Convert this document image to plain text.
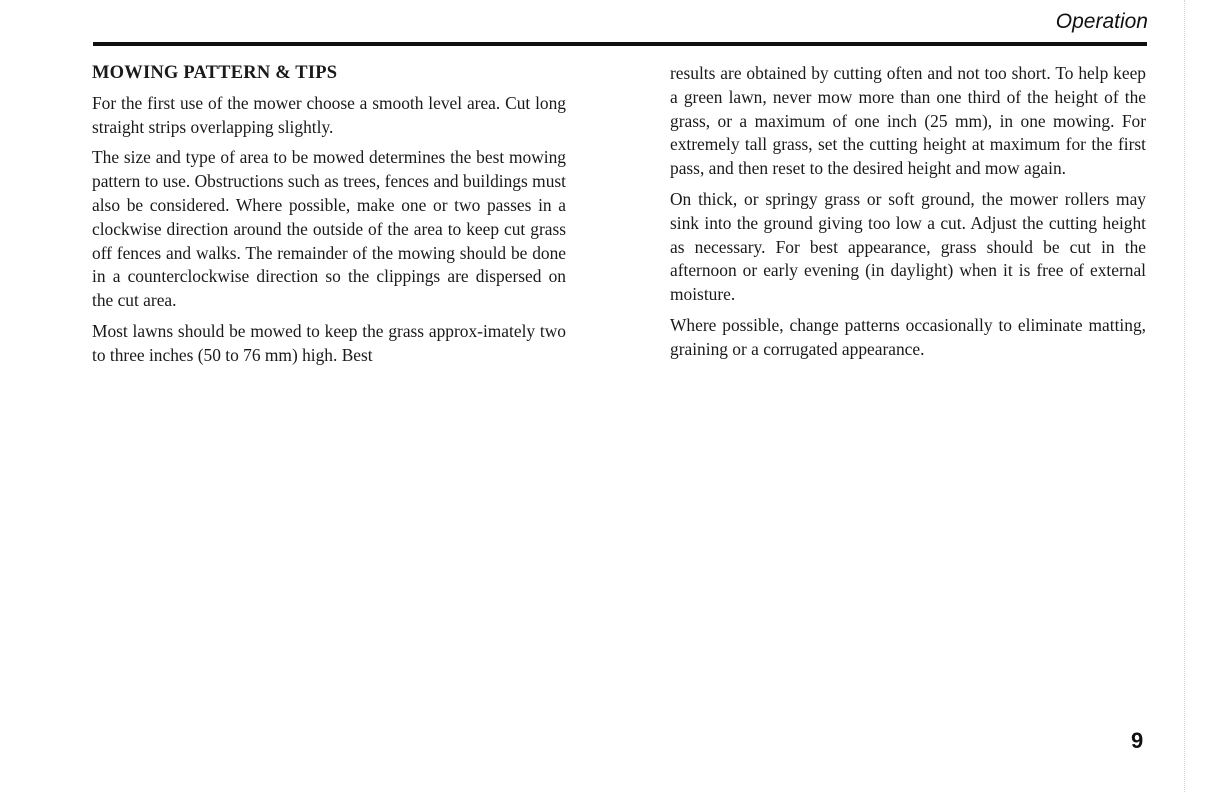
Operation
MOWING PATTERN & TIPS

For the first use of the mower choose a smooth level area. Cut long straight strips overlapping slightly.

The size and type of area to be mowed determines the best mowing pattern to use. Obstructions such as trees, fences and buildings must also be considered. Where possible, make one or two passes in a clockwise direction around the outside of the area to keep cut grass off fences and walks. The remainder of the mowing should be done in a counterclockwise direction so the clippings are dispersed on the cut area.

Most lawns should be mowed to keep the grass approx-imately two to three inches (50 to 76 mm) high. Best

results are obtained by cutting often and not too short. To help keep a green lawn, never mow more than one third of the height of the grass, or a maximum of one inch (25 mm), in one mowing. For extremely tall grass, set the cutting height at maximum for the first pass, and then reset to the desired height and mow again.

On thick, or springy grass or soft ground, the mower rollers may sink into the ground giving too low a cut. Adjust the cutting height as necessary. For best appearance, grass should be cut in the afternoon or early evening (in daylight) when it is free of external moisture.

Where possible, change patterns occasionally to eliminate matting, graining or a corrugated appearance.

9
